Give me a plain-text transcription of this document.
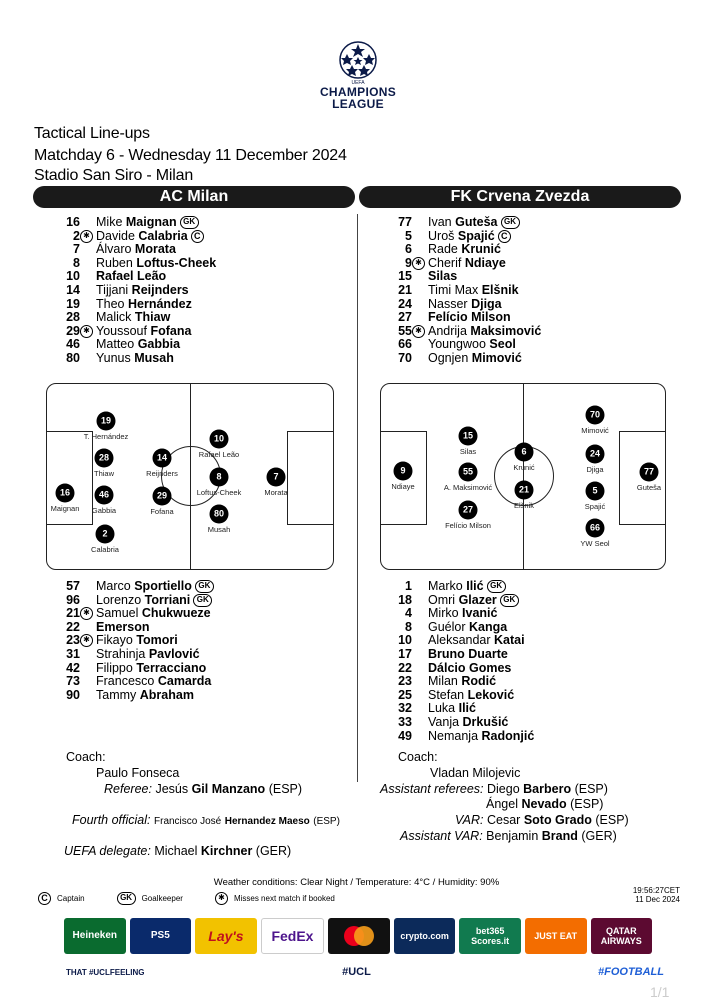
UEFA
CHAMPIONS
LEAGUE
Tactical Line-ups
Matchday 6 - Wednesday 11 December 2024
Stadio San Siro - Milan
AC Milan	FK Crvena Zvezda
16 Mike Maignan GK
2 ✱ Davide Calabria C
7 Álvaro Morata
8 Ruben Loftus-Cheek
10 Rafael Leão
14 Tijjani Reijnders
19 Theo Hernández
28 Malick Thiaw
29 ✱ Youssouf Fofana
46 Matteo Gabbia
80 Yunus Musah
77 Ivan Guteša GK
5 Uroš Spajić C
6 Rade Krunić
9 ✱ Cherif Ndiaye
15 Silas
21 Timi Max Elšnik
24 Nasser Djiga
27 Felício Milson
55 ✱ Andrija Maksimović
66 Youngwoo Seol
70 Ognjen Mimović
57 Marco Sportiello GK
96 Lorenzo Torriani GK
21 ✱ Samuel Chukwueze
22 Emerson
23 ✱ Fikayo Tomori
31 Strahinja Pavlović
42 Filippo Terracciano
73 Francesco Camarda
90 Tammy Abraham
1 Marko Ilić GK
18 Omri Glazer GK
4 Mirko Ivanić
8 Guélor Kanga
10 Aleksandar Katai
17 Bruno Duarte
22 Dálcio Gomes
23 Milan Rodić
25 Stefan Leković
32 Luka Ilić
33 Vanja Drkušić
49 Nemanja Radonjić
16
Maignan
19
T. Hernández
28
Thiaw
46
Gabbia
2
Calabria
14
Reijnders
29
Fofana
10
Rafael Leão
8
Loftus-Cheek
80
Musah
7
Morata
9
Ndiaye
15
Silas
55
A. Maksimović
27
Felício Milson
6
Krunić
21
Elšnik
70
Mimović
24
Djiga
5
Spajić
66
YW Seol
77
Guteša
Coach:
Paulo Fonseca
Coach:
Vladan Milojevic
Referee: Jesús Gil Manzano (ESP)
Fourth official: Francisco José Hernandez Maeso (ESP)
UEFA delegate: Michael Kirchner (GER)
Assistant referees: Diego Barbero (ESP)
Ángel Nevado (ESP)
VAR: Cesar Soto Grado (ESP)
Assistant VAR: Benjamin Brand (GER)
Weather conditions: Clear Night / Temperature: 4°C / Humidity: 90%
19:56:27CET
11 Dec 2024
C	Captain	GK	Goalkeeper	✱	Misses next match if booked
Heineken	PS5	Lay's	FedEx	crypto.com	bet365 Scores.it	JUST EAT	QATAR AIRWAYS
THAT #UCLFEELING	#UCL	#FOOTBALL
1/1
